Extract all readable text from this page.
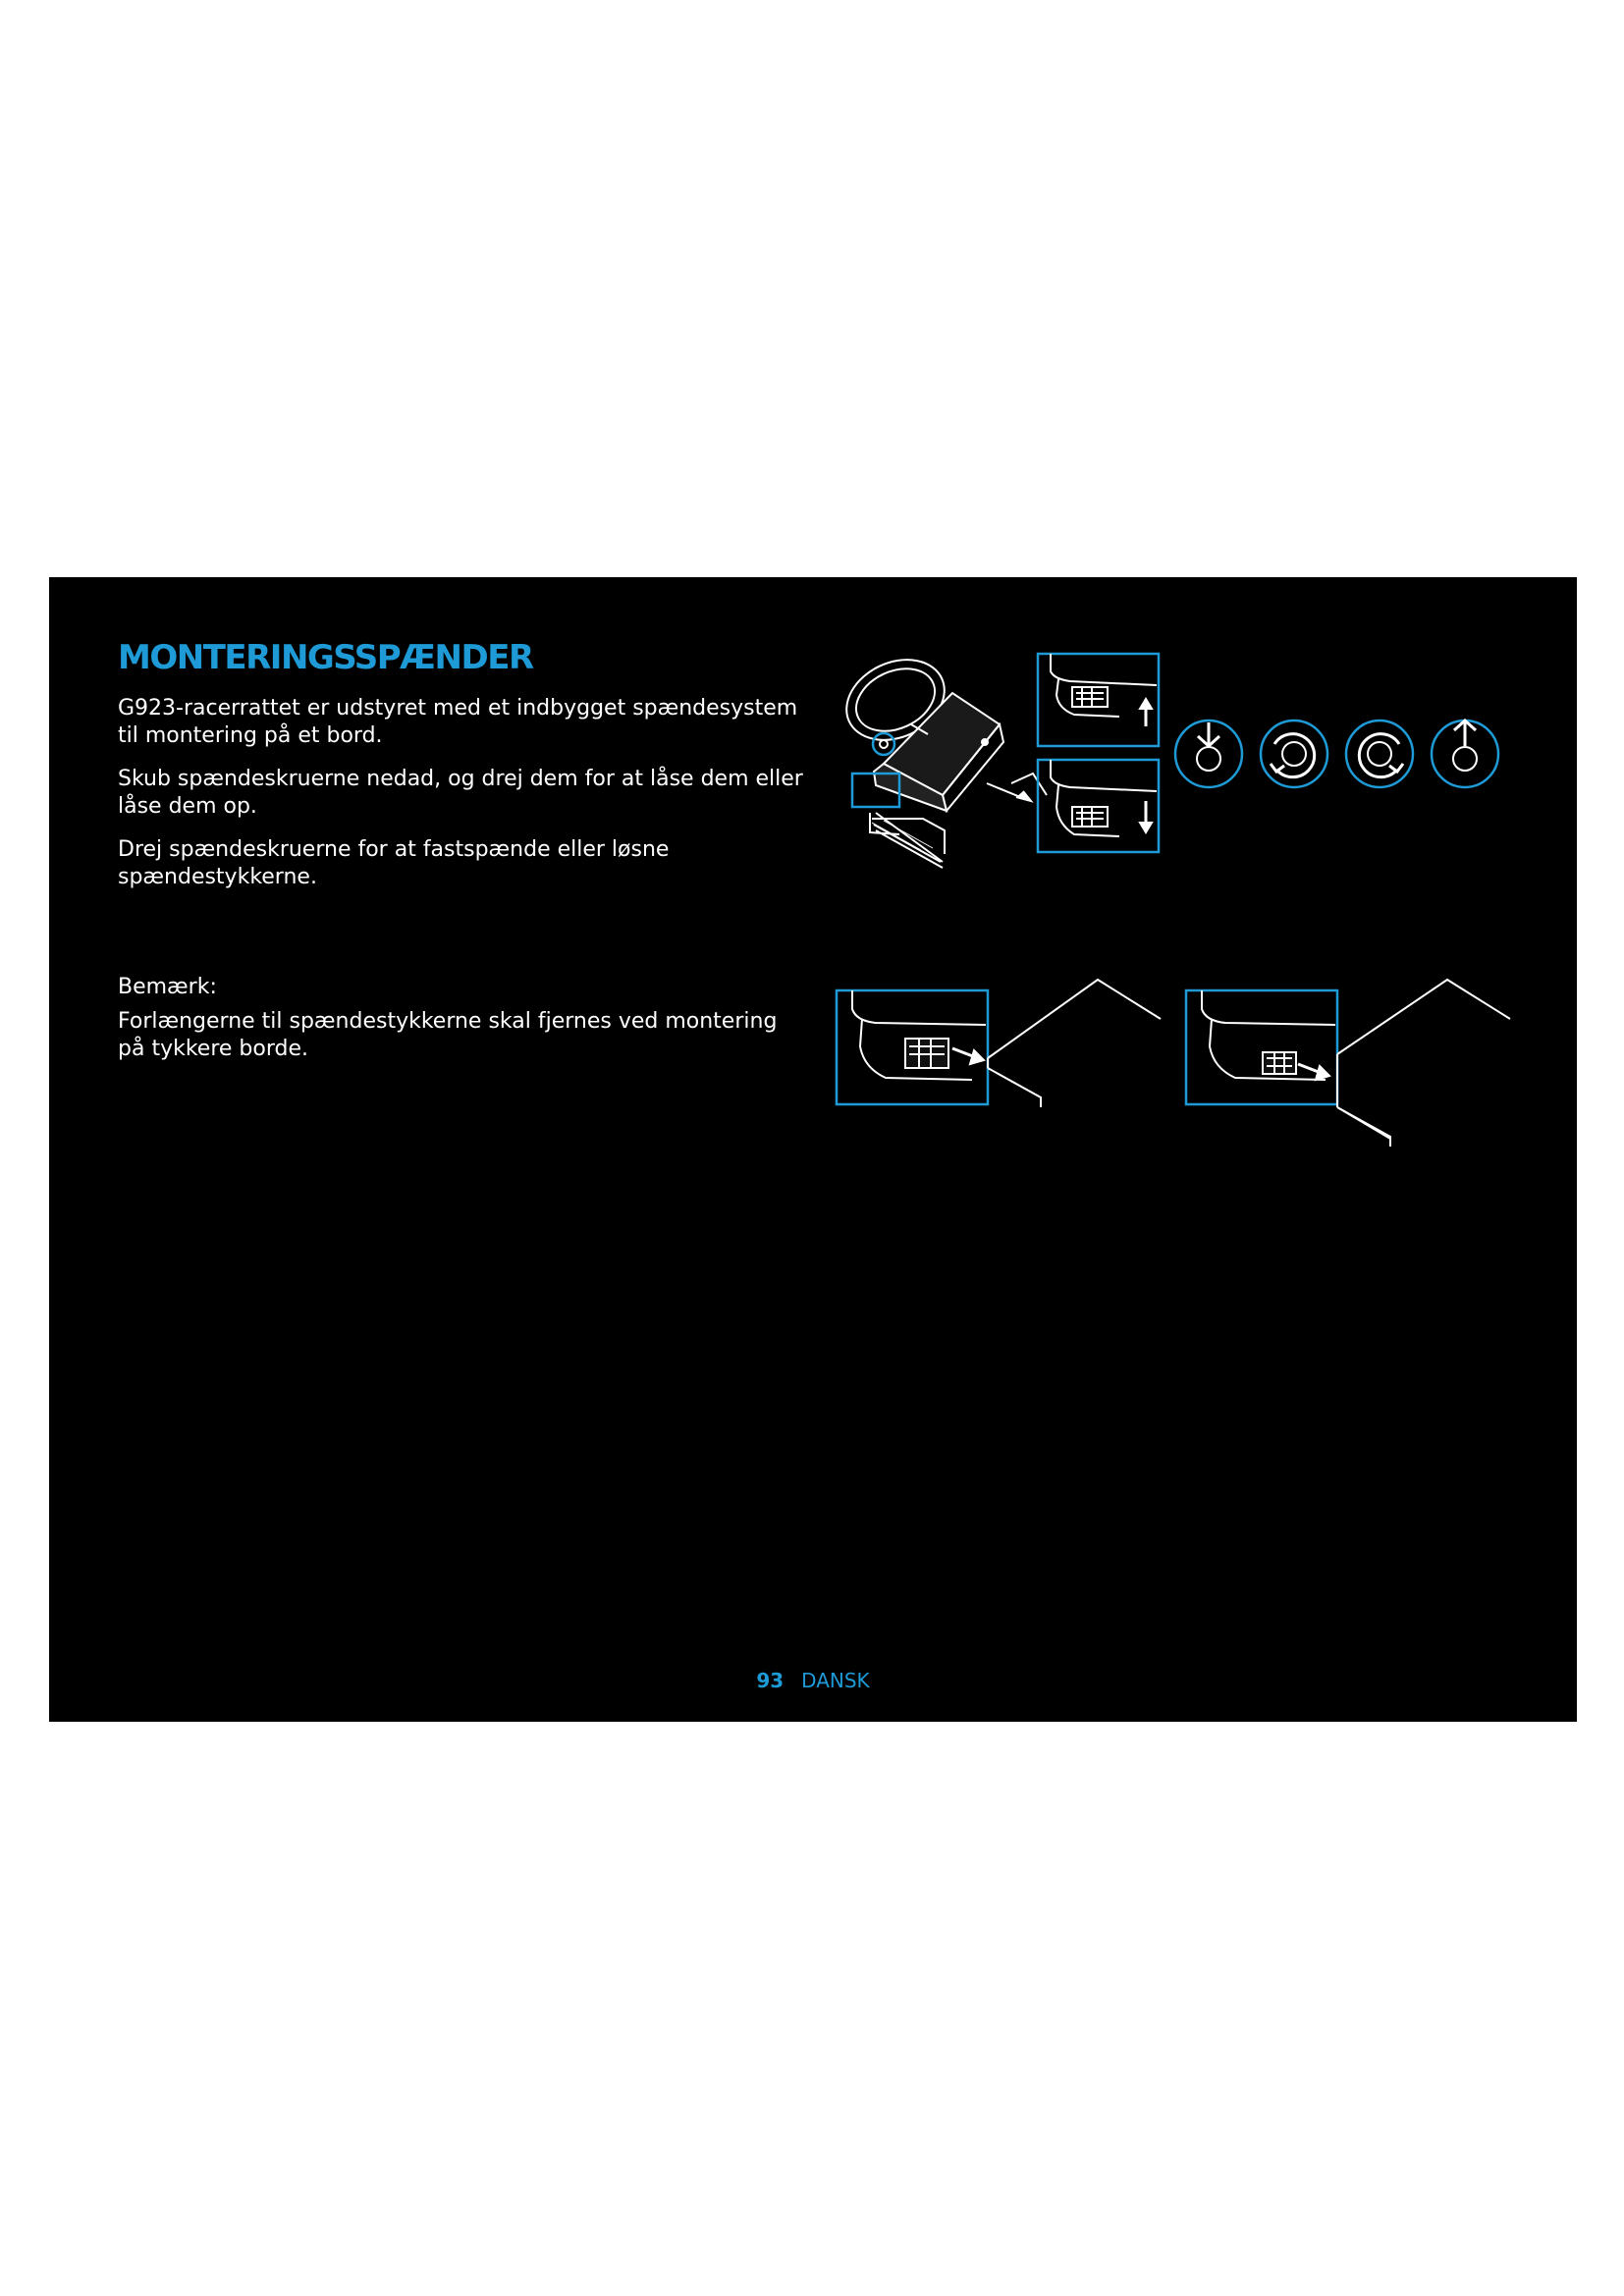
MONTERINGSSPÆNDER

G923-racerrattet er udstyret med et indbygget spændesystem til montering på et bord.

Skub spændeskruerne nedad, og drej dem for at låse dem eller låse dem op.

Drej spændeskruerne for at fastspænde eller løsne spændestykkerne.

Bemærk:

Forlængerne til spændestykkerne skal fjernes ved montering på tykkere borde.

93 DANSK
